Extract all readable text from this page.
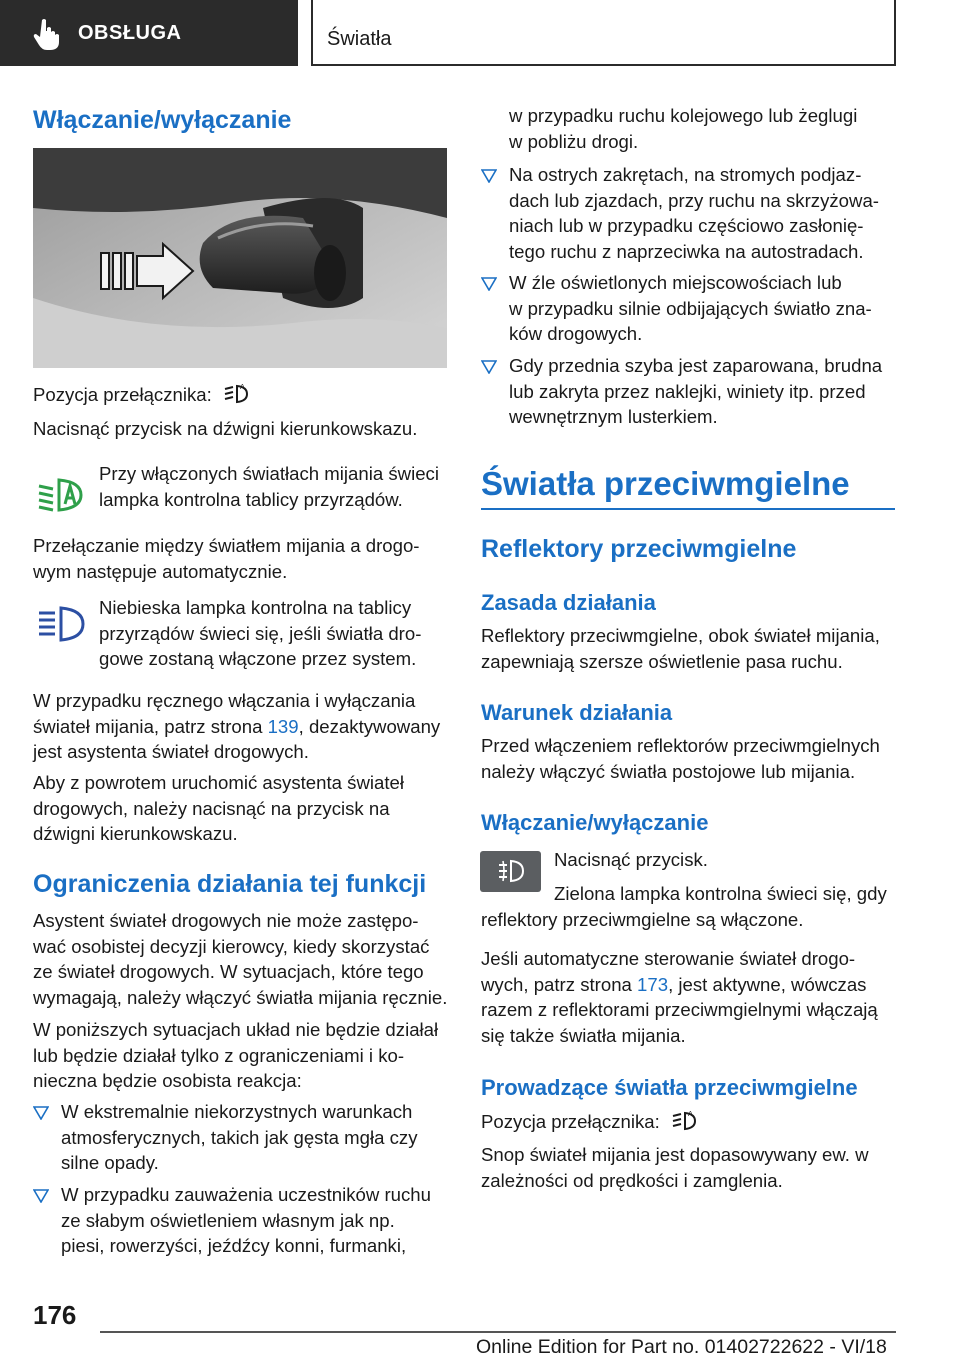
OBSŁUGA	Światła
Włączanie/wyłączanie
Pozycja przełącznika:	A
Nacisnąć przycisk na dźwigni kierunkowskazu.
Przy włączonych światłach mijania świeci
lampka kontrolna tablicy przyrządów.
Przełączanie między światłem mijania a drogo‐
wym następuje automatycznie.
Niebieska lampka kontrolna na tablicy
przyrządów świeci się, jeśli światła dro‐
gowe zostaną włączone przez system.
W przypadku ręcznego włączania i wyłączania
świateł mijania, patrz strona 139, dezaktywowany
jest asystenta świateł drogowych.
Aby z powrotem uruchomić asystenta świateł
drogowych, należy nacisnąć na przycisk na
dźwigni kierunkowskazu.
Ograniczenia działania tej funkcji
Asystent świateł drogowych nie może zastępo‐
wać osobistej decyzji kierowcy, kiedy skorzystać
ze świateł drogowych. W sytuacjach, które tego
wymagają, należy włączyć światła mijania ręcznie.
W poniższych sytuacjach układ nie będzie działał
lub będzie działał tylko z ograniczeniami i ko‐
nieczna będzie osobista reakcja:
W ekstremalnie niekorzystnych warunkach
atmosferycznych, takich jak gęsta mgła czy
silne opady.
W przypadku zauważenia uczestników ruchu
ze słabym oświetleniem własnym jak np.
piesi, rowerzyści, jeźdźcy konni, furmanki,
w przypadku ruchu kolejowego lub żeglugi
w pobliżu drogi.
Na ostrych zakrętach, na stromych podjaz‐
dach lub zjazdach, przy ruchu na skrzyżowa‐
niach lub w przypadku częściowo zasłonię‐
tego ruchu z naprzeciwka na autostradach.
W źle oświetlonych miejscowościach lub
w przypadku silnie odbijających światło zna‐
ków drogowych.
Gdy przednia szyba jest zaparowana, brudna
lub zakryta przez naklejki, winiety itp. przed
wewnętrznym lusterkiem.
Światła przeciwmgielne
Reflektory przeciwmgielne
Zasada działania
Reflektory przeciwmgielne, obok świateł mijania,
zapewniają szersze oświetlenie pasa ruchu.
Warunek działania
Przed włączeniem reflektorów przeciwmgielnych
należy włączyć światła postojowe lub mijania.
Włączanie/wyłączanie
Nacisnąć przycisk.
Zielona lampka kontrolna świeci się, gdy
reflektory przeciwmgielne są włączone.
Jeśli automatyczne sterowanie świateł drogo‐
wych, patrz strona 173, jest aktywne, wówczas
razem z reflektorami przeciwmgielnymi włączają
się także światła mijania.
Prowadzące światła przeciwmgielne
Pozycja przełącznika:	A
Snop świateł mijania jest dopasowywany ew. w
zależności od prędkości i zamglenia.
176
Online Edition for Part no. 01402722622 - VI/18
